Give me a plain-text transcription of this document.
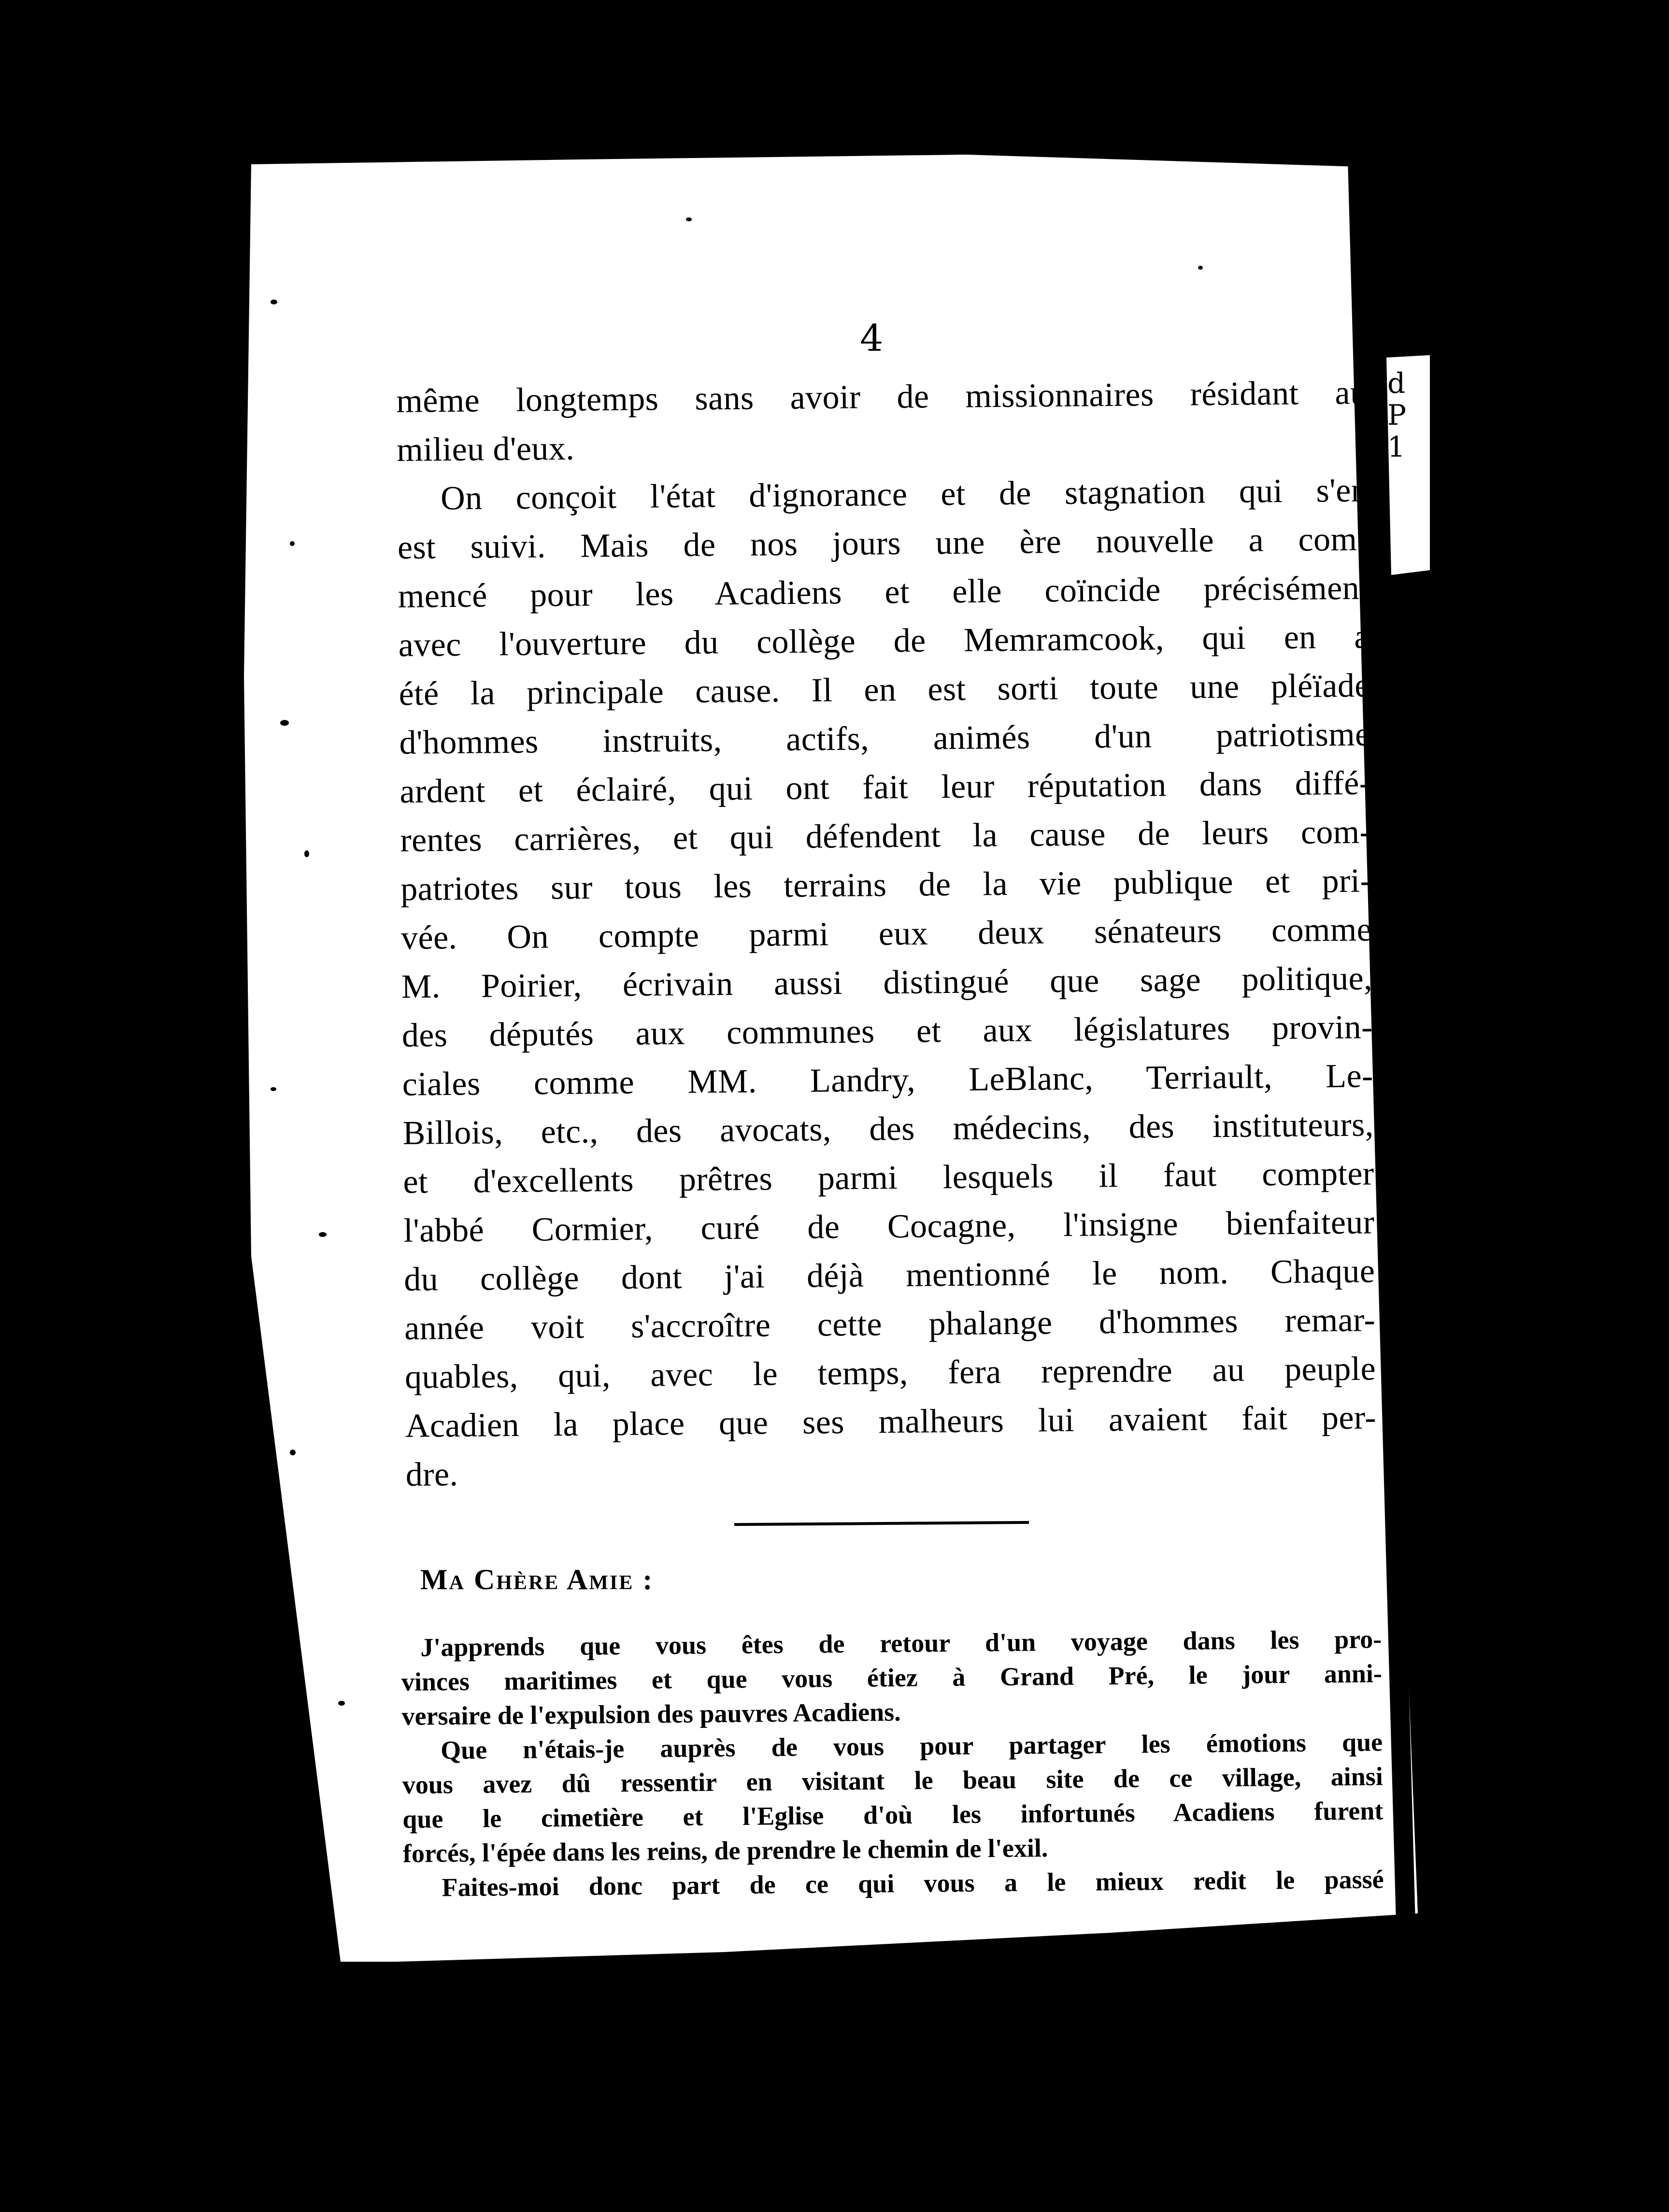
d
P
1
4
même longtemps sans avoir de missionnaires résidant au
milieu d'eux.
On conçoit l'état d'ignorance et de stagnation qui s'en
est suivi. Mais de nos jours une ère nouvelle a com-
mencé pour les Acadiens et elle coïncide précisément
avec l'ouverture du collège de Memramcook, qui en a
été la principale cause. Il en est sorti toute une pléïade
d'hommes instruits, actifs, animés d'un patriotisme
ardent et éclairé, qui ont fait leur réputation dans diffé-
rentes carrières, et qui défendent la cause de leurs com-
patriotes sur tous les terrains de la vie publique et pri-
vée. On compte parmi eux deux sénateurs comme
M. Poirier, écrivain aussi distingué que sage politique,
des députés aux communes et aux législatures provin-
ciales comme MM. Landry, LeBlanc, Terriault, Le-
Billois, etc., des avocats, des médecins, des instituteurs,
et d'excellents prêtres parmi lesquels il faut compter
l'abbé Cormier, curé de Cocagne, l'insigne bienfaiteur
du collège dont j'ai déjà mentionné le nom. Chaque
année voit s'accroître cette phalange d'hommes remar-
quables, qui, avec le temps, fera reprendre au peuple
Acadien la place que ses malheurs lui avaient fait per-
dre.
Ma Chère Amie :
J'apprends que vous êtes de retour d'un voyage dans les pro-
vinces maritimes et que vous étiez à Grand Pré, le jour anni-
versaire de l'expulsion des pauvres Acadiens.
Que n'étais-je auprès de vous pour partager les émotions que
vous avez dû ressentir en visitant le beau site de ce village, ainsi
que le cimetière et l'Eglise d'où les infortunés Acadiens furent
forcés, l'épée dans les reins, de prendre le chemin de l'exil.
Faites-moi donc part de ce qui vous a le mieux redit le passé
